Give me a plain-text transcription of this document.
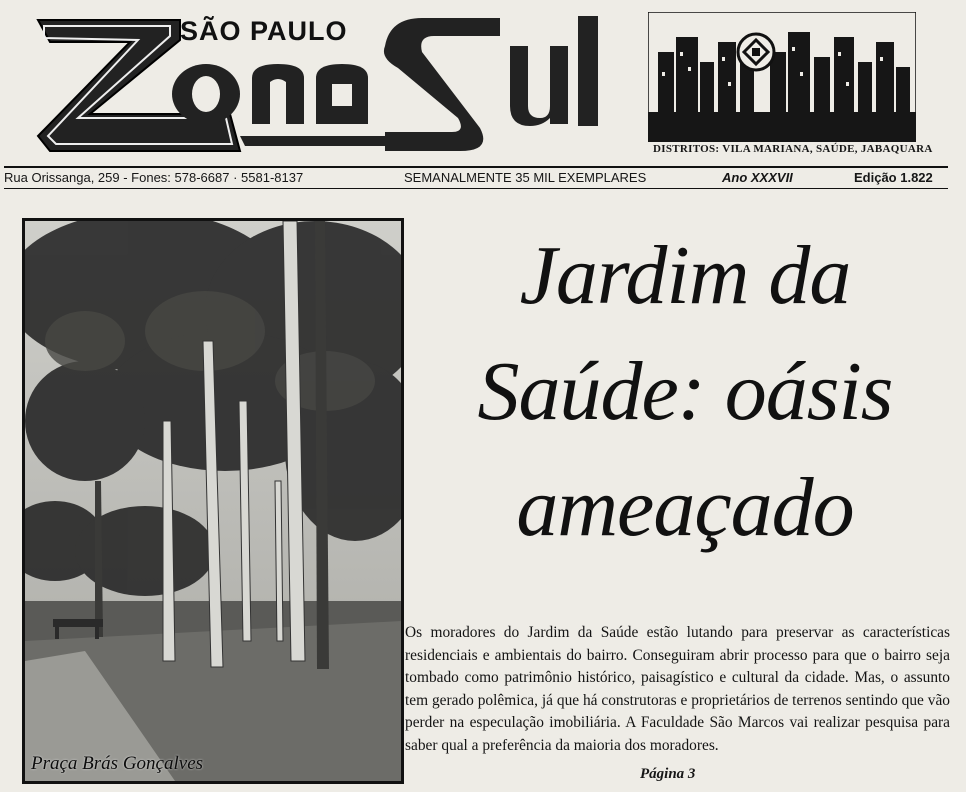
SÃO PAULO
DISTRITOS: VILA MARIANA, SAÚDE, JABAQUARA
Rua Orissanga, 259 - Fones: 578-6687 · 5581-8137	SEMANALMENTE 35 MIL EXEMPLARES	Ano XXXVII	Edição 1.822
Praça Brás Gonçalves
Jardim da
Saúde: oásis
ameaçado
Os moradores do Jardim da Saúde estão lutando para preservar as características residenciais e ambientais do bairro. Conseguiram abrir processo para que o bairro seja tombado como patrimônio histórico, paisagístico e cultural da cidade. Mas, o assunto tem gerado polêmica, já que há construtoras e proprietários de terrenos sentindo que vão perder na especulação imobiliária. A Faculdade São Marcos vai realizar pesquisa para saber qual a preferência da maioria dos moradores.
Página 3
